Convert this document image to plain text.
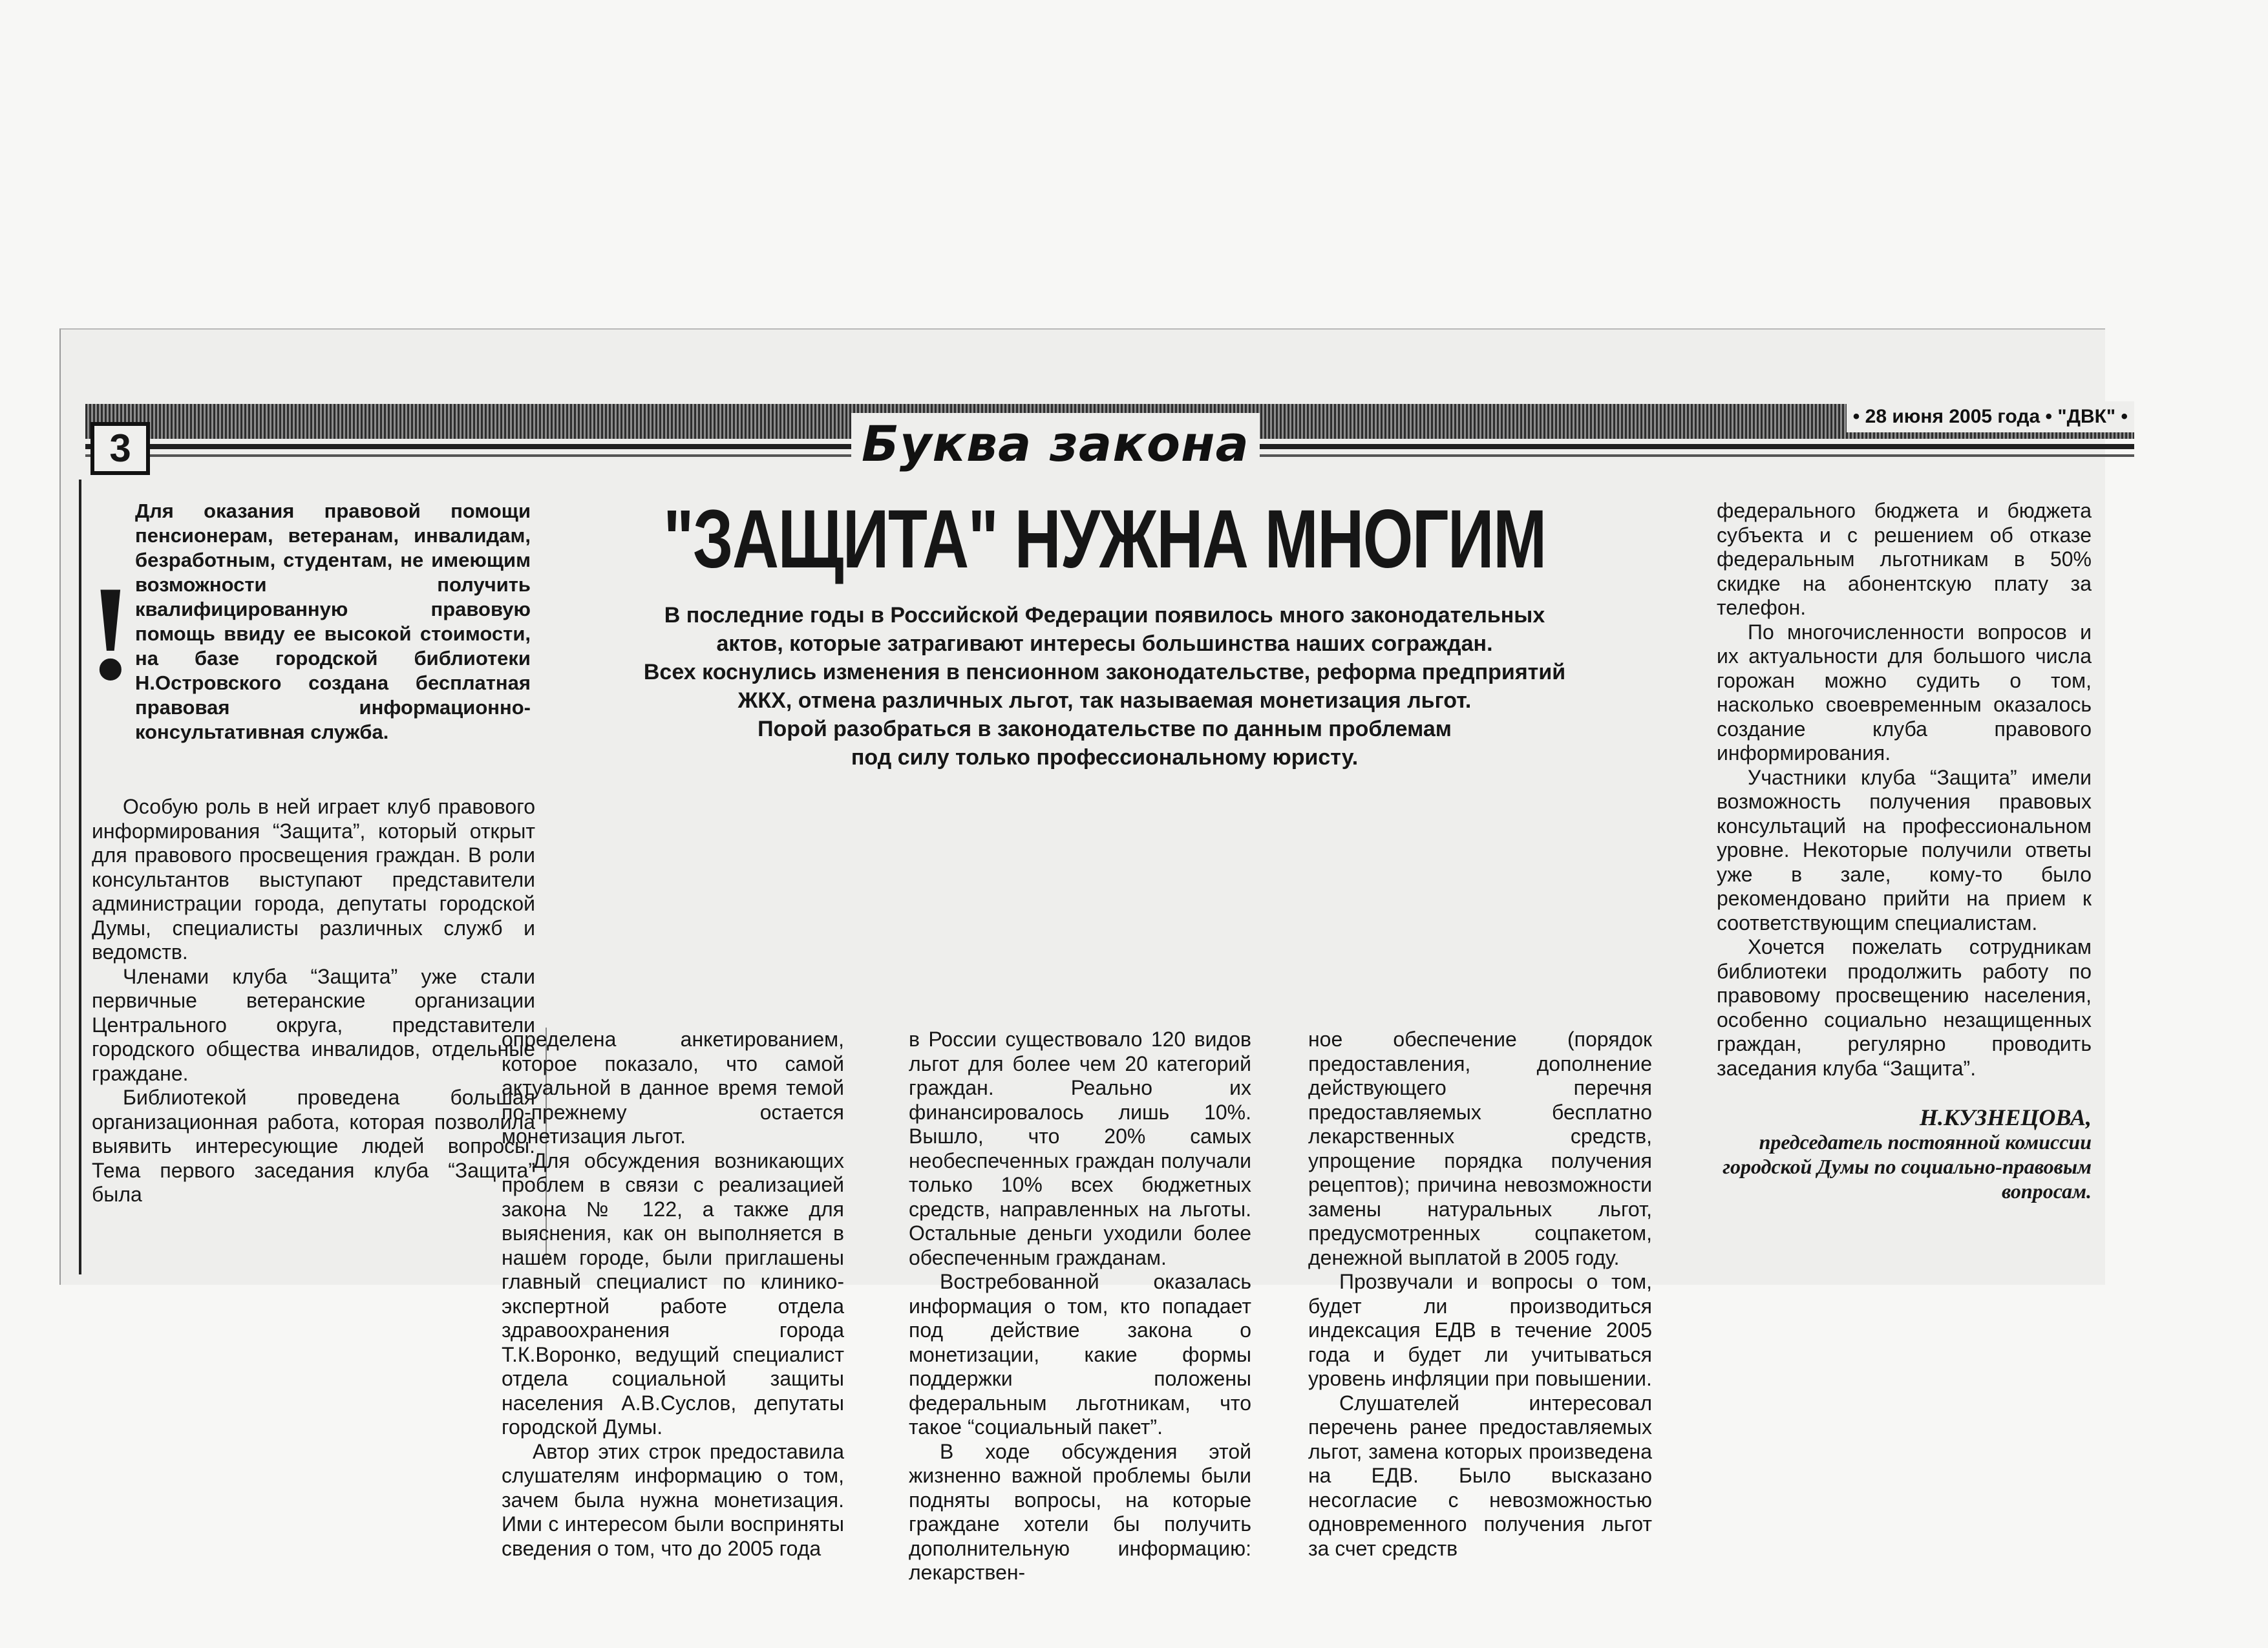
3	Буква закона	• 28 июня 2005 года • "ДВК" •
!
Для оказания правовой помощи пенсионерам, ветеранам, инвалидам, безработным, студентам, не имеющим возможности получить квалифицированную правовую помощь ввиду ее высокой стоимости, на базе городской библиотеки Н.Островского создана бесплатная правовая информационно-консультативная служба.
"ЗАЩИТА" НУЖНА МНОГИМ
В последние годы в Российской Федерации появилось много законодательных
актов, которые затрагивают интересы большинства наших сограждан.
Всех коснулись изменения в пенсионном законодательстве, реформа предприятий
ЖКХ, отмена различных льгот, так называемая монетизация льгот.
Порой разобраться в законодательстве по данным проблемам
под силу только профессиональному юристу.

Особую роль в ней играет клуб правового информирования “Защита”, который открыт для правового просвещения граждан. В роли консультантов выступают представители администрации города, депутаты городской Думы, специалисты различных служб и ведомств.

Членами клуба “Защита” уже стали первичные ветеранские организации Центрального округа, представители городского общества инвалидов, отдельные граждане.

Библиотекой проведена большая организационная работа, которая позволила выявить интересующие людей вопросы. Тема первого заседания клуба “Защита” была

определена анкетированием, которое показало, что самой актуальной в данное время темой по-прежнему остается монетизация льгот.

Для обсуждения возникающих проблем в связи с реализацией закона № 122, а также для выяснения, как он выполняется в нашем городе, были приглашены главный специалист по клинико-экспертной работе отдела здравоохранения города Т.К.Воронко, ведущий специалист отдела социальной защиты населения А.В.Суслов, депутаты городской Думы.

Автор этих строк предоставила слушателям информацию о том, зачем была нужна монетизация. Ими с интересом были восприняты сведения о том, что до 2005 года

в России существовало 120 видов льгот для более чем 20 категорий граждан. Реально их финансировалось лишь 10%. Вышло, что 20% самых необеспеченных граждан получали только 10% всех бюджетных средств, направленных на льготы. Остальные деньги уходили более обеспеченным гражданам.

Востребованной оказалась информация о том, кто попадает под действие закона о монетизации, какие формы поддержки положены федеральным льготникам, что такое “социальный пакет”.

В ходе обсуждения этой жизненно важной проблемы были подняты вопросы, на которые граждане хотели бы получить дополнительную информацию: лекарствен-

ное обеспечение (порядок предоставления, дополнение действующего перечня предоставляемых бесплатно лекарственных средств, упрощение порядка получения рецептов); причина невозможности замены натуральных льгот, предусмотренных соцпакетом, денежной выплатой в 2005 году.

Прозвучали и вопросы о том, будет ли производиться индексация ЕДВ в течение 2005 года и будет ли учитываться уровень инфляции при повышении.

Слушателей интересовал перечень ранее предоставляемых льгот, замена которых произведена на ЕДВ. Было высказано несогласие с невозможностью одновременного получения льгот за счет средств

федерального бюджета и бюджета субъекта и с решением об отказе федеральным льготникам в 50% скидке на абонентскую плату за телефон.

По многочисленности вопросов и их актуальности для большого числа горожан можно судить о том, насколько своевременным оказалось создание клуба правового информирования.

Участники клуба “Защита” имели возможность получения правовых консультаций на профессиональном уровне. Некоторые получили ответы уже в зале, кому-то было рекомендовано прийти на прием к соответствующим специалистам.

Хочется пожелать сотрудникам библиотеки продолжить работу по правовому просвещению населения, особенно социально незащищенных граждан, регулярно проводить заседания клуба “Защита”.

Н.КУЗНЕЦОВА,
председатель постоянной комиссии городской Думы по социально-правовым вопросам.
